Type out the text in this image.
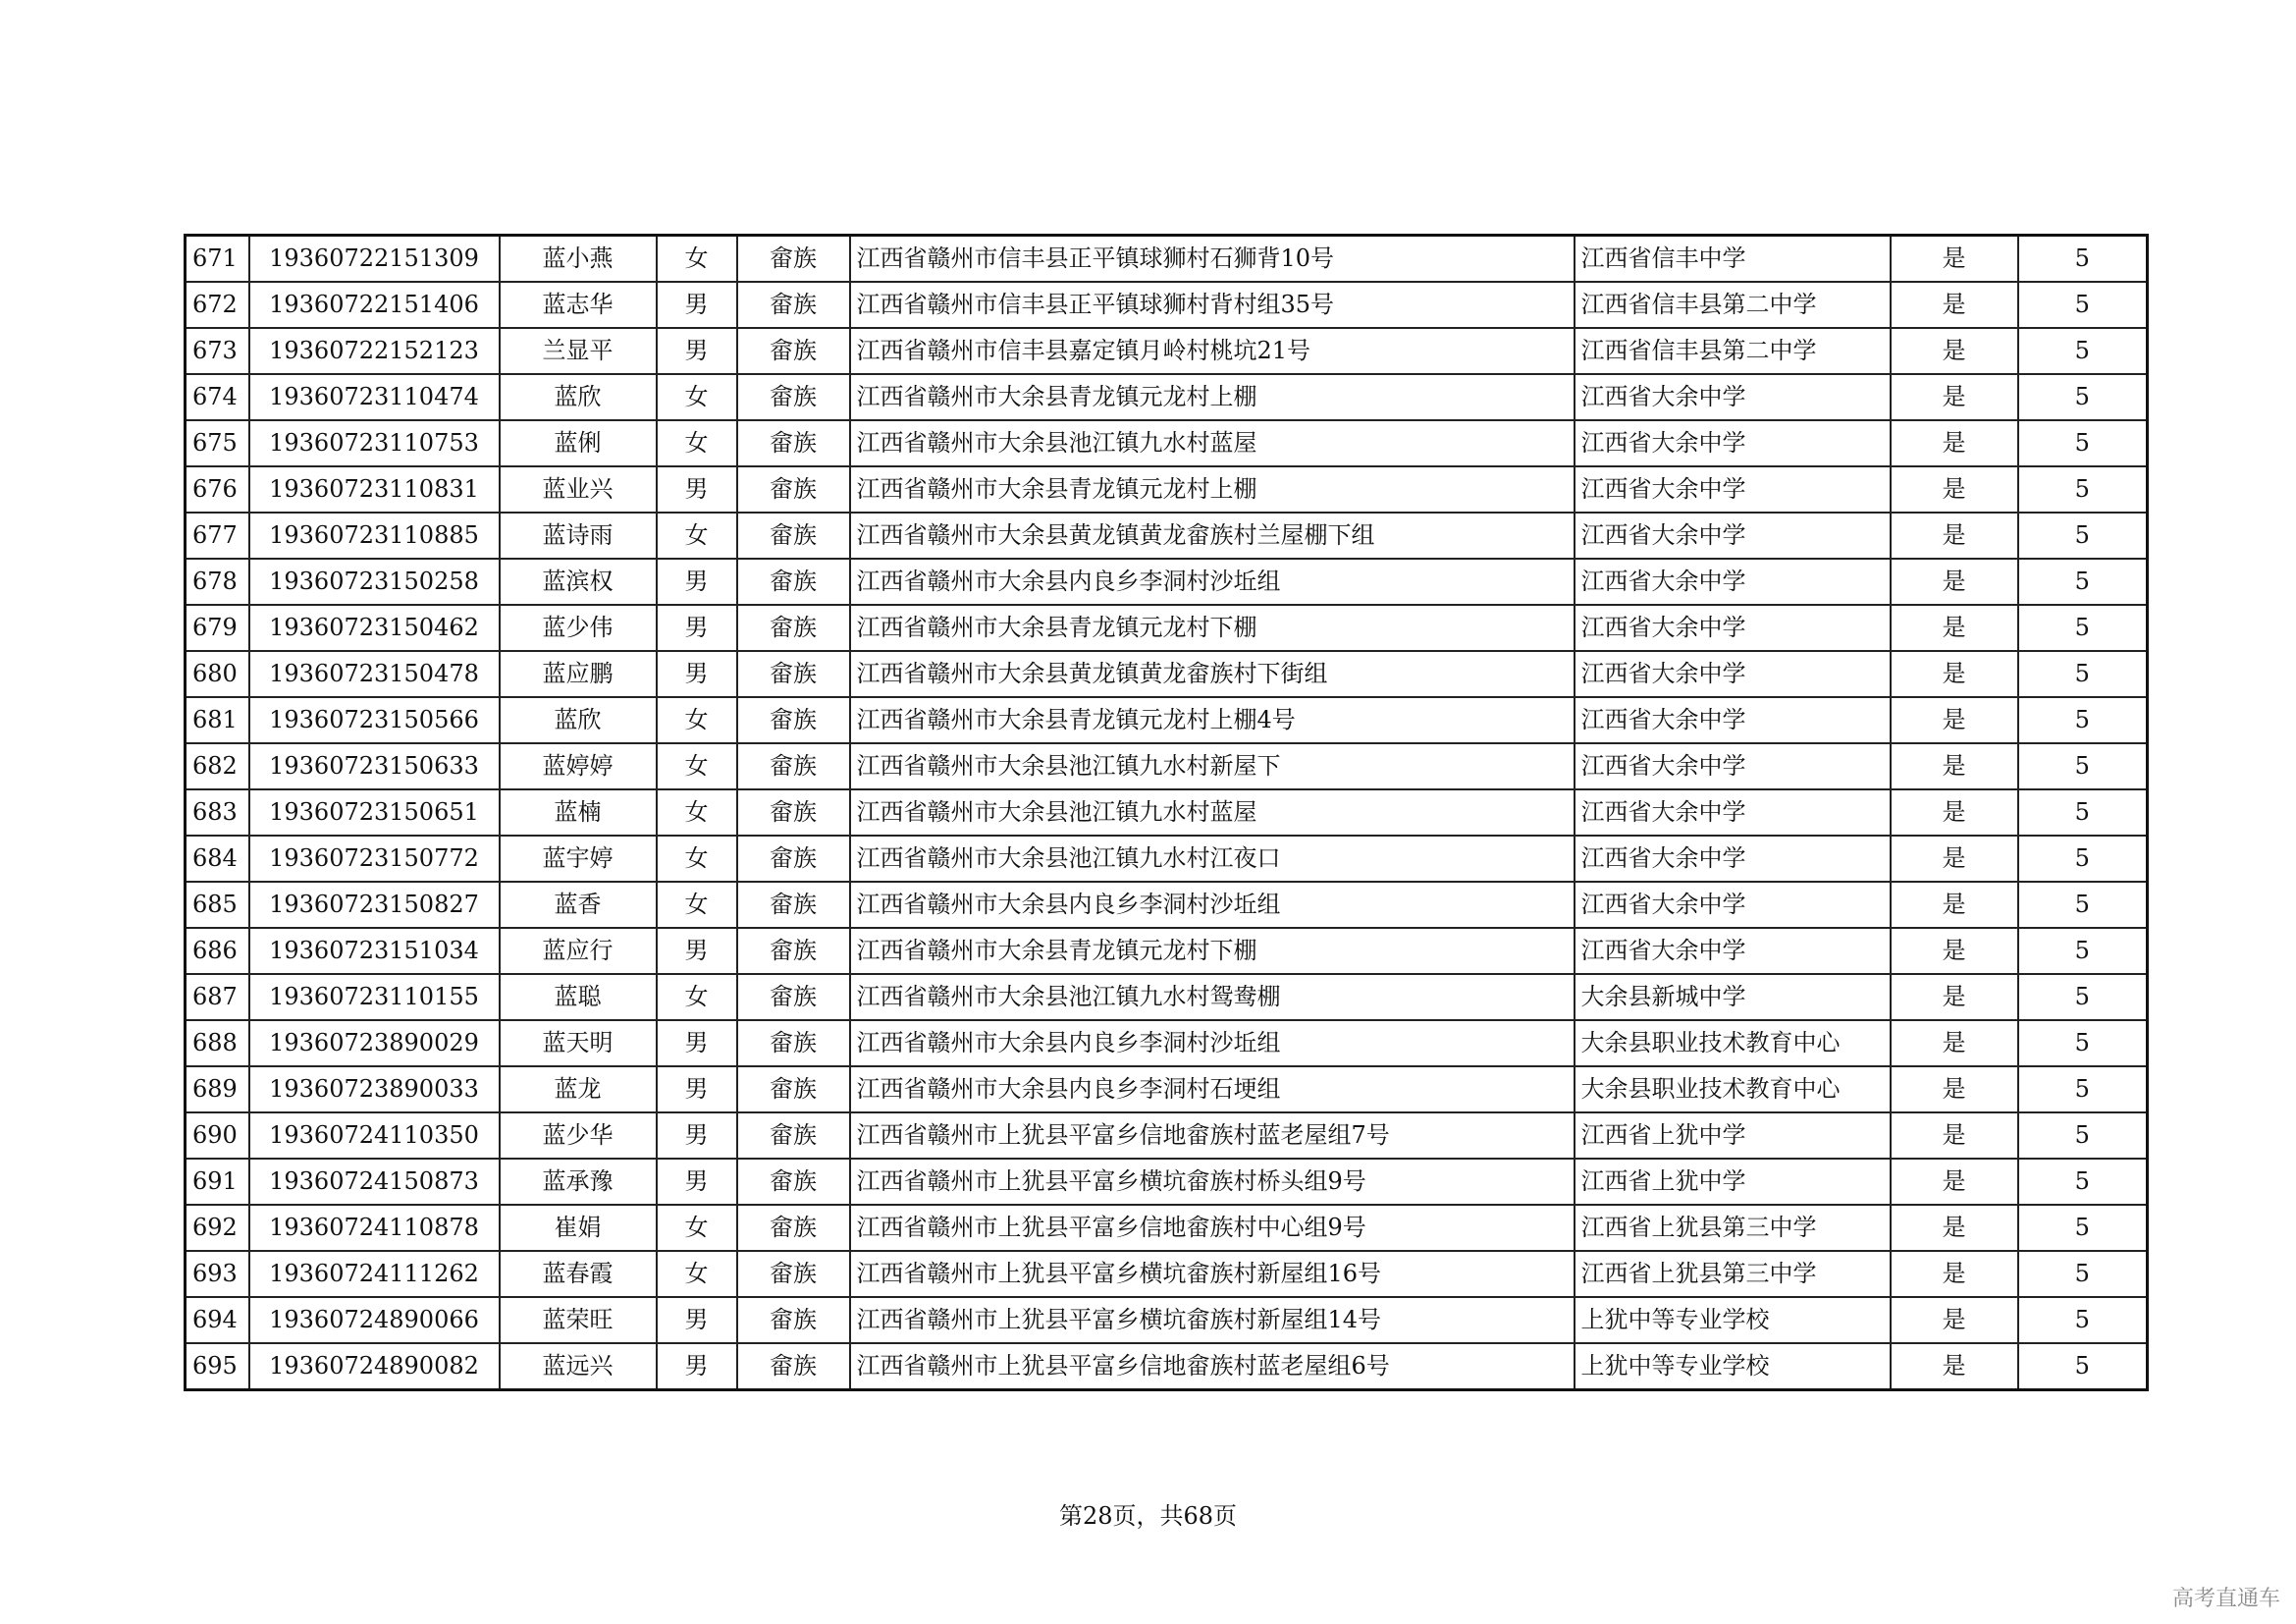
671	19360722151309	蓝小燕	女	畲族	江西省赣州市信丰县正平镇球狮村石狮背10号	江西省信丰中学	是	5
672	19360722151406	蓝志华	男	畲族	江西省赣州市信丰县正平镇球狮村背村组35号	江西省信丰县第二中学	是	5
673	19360722152123	兰显平	男	畲族	江西省赣州市信丰县嘉定镇月岭村桃坑21号	江西省信丰县第二中学	是	5
674	19360723110474	蓝欣	女	畲族	江西省赣州市大余县青龙镇元龙村上棚	江西省大余中学	是	5
675	19360723110753	蓝俐	女	畲族	江西省赣州市大余县池江镇九水村蓝屋	江西省大余中学	是	5
676	19360723110831	蓝业兴	男	畲族	江西省赣州市大余县青龙镇元龙村上棚	江西省大余中学	是	5
677	19360723110885	蓝诗雨	女	畲族	江西省赣州市大余县黄龙镇黄龙畲族村兰屋棚下组	江西省大余中学	是	5
678	19360723150258	蓝滨权	男	畲族	江西省赣州市大余县内良乡李洞村沙坵组	江西省大余中学	是	5
679	19360723150462	蓝少伟	男	畲族	江西省赣州市大余县青龙镇元龙村下棚	江西省大余中学	是	5
680	19360723150478	蓝应鹏	男	畲族	江西省赣州市大余县黄龙镇黄龙畲族村下街组	江西省大余中学	是	5
681	19360723150566	蓝欣	女	畲族	江西省赣州市大余县青龙镇元龙村上棚4号	江西省大余中学	是	5
682	19360723150633	蓝婷婷	女	畲族	江西省赣州市大余县池江镇九水村新屋下	江西省大余中学	是	5
683	19360723150651	蓝楠	女	畲族	江西省赣州市大余县池江镇九水村蓝屋	江西省大余中学	是	5
684	19360723150772	蓝宇婷	女	畲族	江西省赣州市大余县池江镇九水村江夜口	江西省大余中学	是	5
685	19360723150827	蓝香	女	畲族	江西省赣州市大余县内良乡李洞村沙坵组	江西省大余中学	是	5
686	19360723151034	蓝应行	男	畲族	江西省赣州市大余县青龙镇元龙村下棚	江西省大余中学	是	5
687	19360723110155	蓝聪	女	畲族	江西省赣州市大余县池江镇九水村鸳鸯棚	大余县新城中学	是	5
688	19360723890029	蓝天明	男	畲族	江西省赣州市大余县内良乡李洞村沙坵组	大余县职业技术教育中心	是	5
689	19360723890033	蓝龙	男	畲族	江西省赣州市大余县内良乡李洞村石埂组	大余县职业技术教育中心	是	5
690	19360724110350	蓝少华	男	畲族	江西省赣州市上犹县平富乡信地畲族村蓝老屋组7号	江西省上犹中学	是	5
691	19360724150873	蓝承豫	男	畲族	江西省赣州市上犹县平富乡横坑畲族村桥头组9号	江西省上犹中学	是	5
692	19360724110878	崔娟	女	畲族	江西省赣州市上犹县平富乡信地畲族村中心组9号	江西省上犹县第三中学	是	5
693	19360724111262	蓝春霞	女	畲族	江西省赣州市上犹县平富乡横坑畲族村新屋组16号	江西省上犹县第三中学	是	5
694	19360724890066	蓝荣旺	男	畲族	江西省赣州市上犹县平富乡横坑畲族村新屋组14号	上犹中等专业学校	是	5
695	19360724890082	蓝远兴	男	畲族	江西省赣州市上犹县平富乡信地畲族村蓝老屋组6号	上犹中等专业学校	是	5
第28页，共68页
高考直通车
